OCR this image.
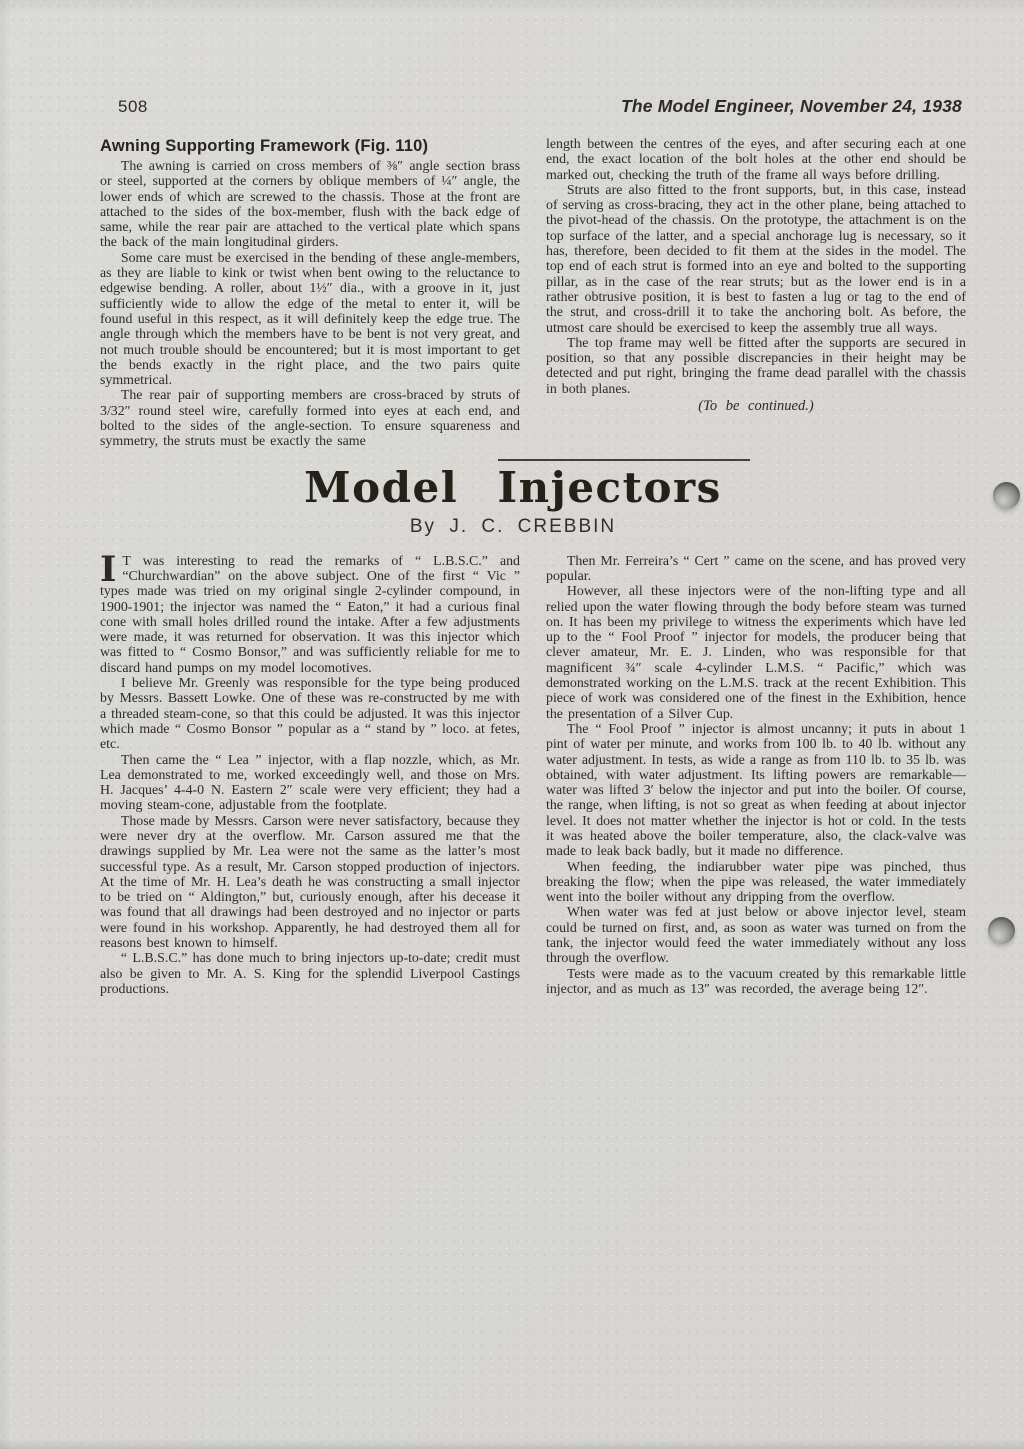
508	The Model Engineer, November 24, 1938
Awning Supporting Framework (Fig. 110)

The awning is carried on cross members of ⅜″ angle section brass or steel, supported at the corners by oblique members of ¼″ angle, the lower ends of which are screwed to the chassis. Those at the front are attached to the sides of the box-member, flush with the back edge of same, while the rear pair are attached to the vertical plate which spans the back of the main longitudinal girders.

Some care must be exercised in the bending of these angle-members, as they are liable to kink or twist when bent owing to the reluctance to edgewise bending. A roller, about 1½″ dia., with a groove in it, just sufficiently wide to allow the edge of the metal to enter it, will be found useful in this respect, as it will definitely keep the edge true. The angle through which the members have to be bent is not very great, and not much trouble should be encountered; but it is most important to get the bends exactly in the right place, and the two pairs quite symmetrical.

The rear pair of supporting members are cross-braced by struts of 3/32″ round steel wire, carefully formed into eyes at each end, and bolted to the sides of the angle-section. To ensure squareness and symmetry, the struts must be exactly the same

length between the centres of the eyes, and after securing each at one end, the exact location of the bolt holes at the other end should be marked out, checking the truth of the frame all ways before drilling.

Struts are also fitted to the front supports, but, in this case, instead of serving as cross-bracing, they act in the other plane, being attached to the pivot-head of the chassis. On the prototype, the attachment is on the top surface of the latter, and a special anchorage lug is necessary, so it has, therefore, been decided to fit them at the sides in the model. The top end of each strut is formed into an eye and bolted to the supporting pillar, as in the case of the rear struts; but as the lower end is in a rather obtrusive position, it is best to fasten a lug or tag to the end of the strut, and cross-drill it to take the anchoring bolt. As before, the utmost care should be exercised to keep the assembly true all ways.

The top frame may well be fitted after the supports are secured in position, so that any possible discrepancies in their height may be detected and put right, bringing the frame dead parallel with the chassis in both planes.

(To be continued.)

Model Injectors
By J. C. CREBBIN

I T was interesting to read the remarks of “ L.B.S.C.” and “Churchwardian” on the above subject. One of the first “ Vic ” types made was tried on my original single 2-cylinder compound, in 1900-1901; the injector was named the “ Eaton,” it had a curious final cone with small holes drilled round the intake. After a few adjustments were made, it was returned for observation. It was this injector which was fitted to “ Cosmo Bonsor,” and was sufficiently reliable for me to discard hand pumps on my model locomotives.

I believe Mr. Greenly was responsible for the type being produced by Messrs. Bassett Lowke. One of these was re-constructed by me with a threaded steam-cone, so that this could be adjusted. It was this injector which made “ Cosmo Bonsor ” popular as a “ stand by ” loco. at fetes, etc.

Then came the “ Lea ” injector, with a flap nozzle, which, as Mr. Lea demonstrated to me, worked exceedingly well, and those on Mrs. H. Jacques’ 4-4-0 N. Eastern 2″ scale were very efficient; they had a moving steam-cone, adjustable from the footplate.

Those made by Messrs. Carson were never satisfactory, because they were never dry at the overflow. Mr. Carson assured me that the drawings supplied by Mr. Lea were not the same as the latter’s most successful type. As a result, Mr. Carson stopped production of injectors. At the time of Mr. H. Lea’s death he was constructing a small injector to be tried on “ Aldington,” but, curiously enough, after his decease it was found that all drawings had been destroyed and no injector or parts were found in his workshop. Apparently, he had destroyed them all for reasons best known to himself.

“ L.B.S.C.” has done much to bring injectors up-to-date; credit must also be given to Mr. A. S. King for the splendid Liverpool Castings productions.

Then Mr. Ferreira’s “ Cert ” came on the scene, and has proved very popular.

However, all these injectors were of the non-lifting type and all relied upon the water flowing through the body before steam was turned on. It has been my privilege to witness the experiments which have led up to the “ Fool Proof ” injector for models, the producer being that clever amateur, Mr. E. J. Linden, who was responsible for that magnificent ¾″ scale 4-cylinder L.M.S. “ Pacific,” which was demonstrated working on the L.M.S. track at the recent Exhibition. This piece of work was considered one of the finest in the Exhibition, hence the presentation of a Silver Cup.

The “ Fool Proof ” injector is almost uncanny; it puts in about 1 pint of water per minute, and works from 100 lb. to 40 lb. without any water adjustment. In tests, as wide a range as from 110 lb. to 35 lb. was obtained, with water adjustment. Its lifting powers are remarkable—water was lifted 3′ below the injector and put into the boiler. Of course, the range, when lifting, is not so great as when feeding at about injector level. It does not matter whether the injector is hot or cold. In the tests it was heated above the boiler temperature, also, the clack-valve was made to leak back badly, but it made no difference.

When feeding, the indiarubber water pipe was pinched, thus breaking the flow; when the pipe was released, the water immediately went into the boiler without any dripping from the overflow.

When water was fed at just below or above injector level, steam could be turned on first, and, as soon as water was turned on from the tank, the injector would feed the water immediately without any loss through the overflow.

Tests were made as to the vacuum created by this remarkable little injector, and as much as 13″ was recorded, the average being 12″.
